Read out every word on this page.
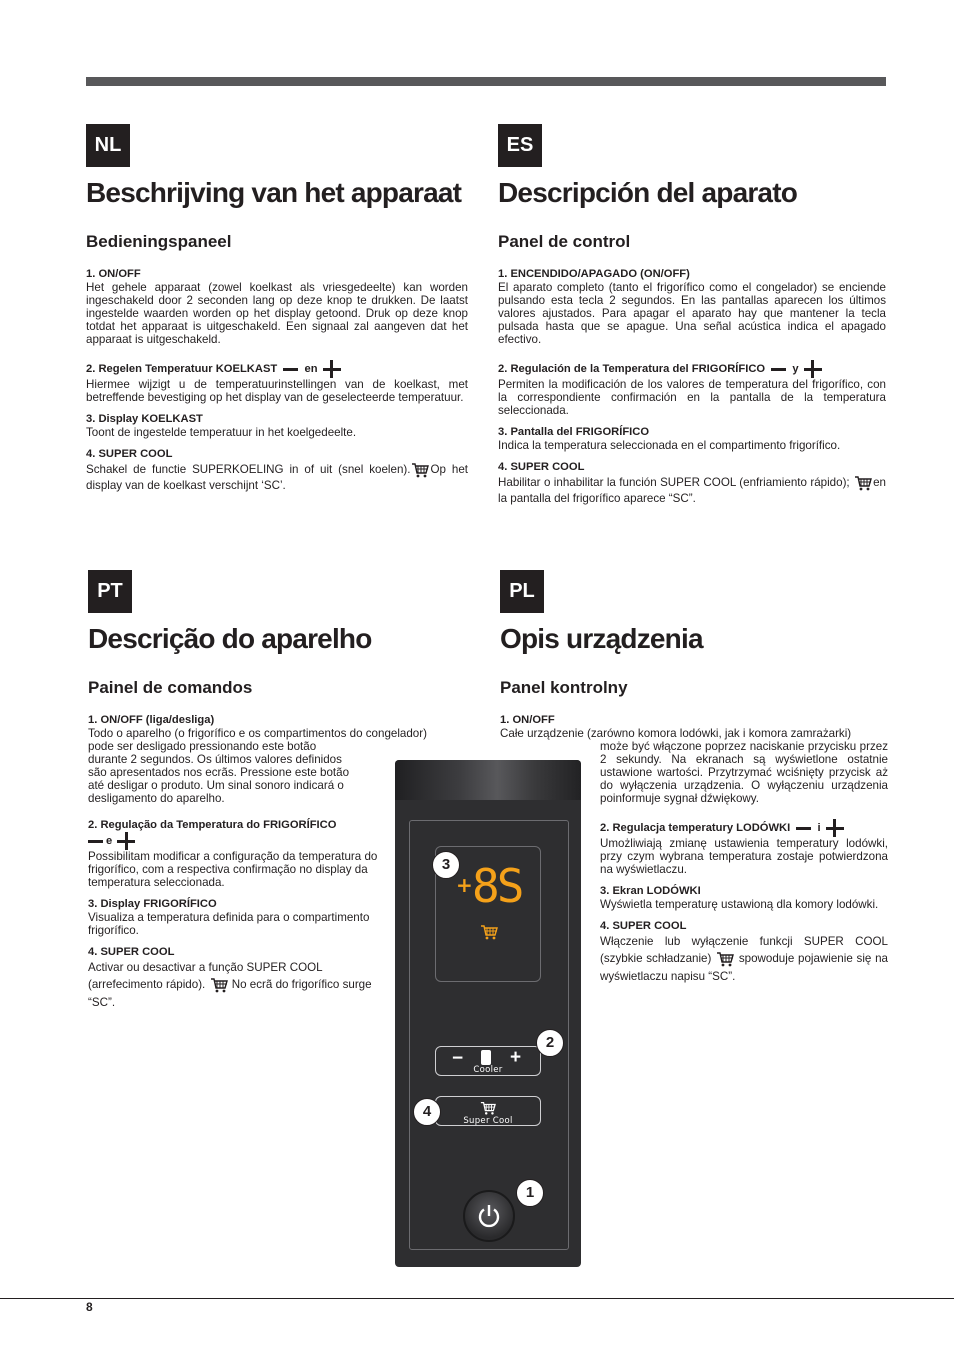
NL
Beschrijving van het apparaat
Bedieningspaneel

1. ON/OFF

Het gehele apparaat (zowel koelkast als vriesgedeelte) kan worden ingeschakeld door 2 seconden lang op deze knop te drukken. De laatst ingestelde waarden worden op het display getoond. Druk op deze knop totdat het apparaat is uitgeschakeld. Een signaal zal aangeven dat het apparaat is uitgeschakeld.

2. Regelen Temperatuur KOELKAST en

Hiermee wijzigt u de temperatuurinstellingen van de koelkast, met betreffende bevestiging op het display van de geselecteerde temperatuur.

3. Display KOELKAST

Toont de ingestelde temperatuur in het koelgedeelte.

4. SUPER COOL

Schakel de functie SUPERKOELING in of uit (snel koelen). Op het display van de koelkast verschijnt ‘SC’.

ES
Descripción del aparato
Panel de control

1. ENCENDIDO/APAGADO (ON/OFF)

El aparato completo (tanto el frigorífico como el congelador) se enciende pulsando esta tecla 2 segundos. En las pantallas aparecen los últimos valores ajustados. Para apagar el aparato hay que mantener la tecla pulsada hasta que se apague. Una señal acústica indica el apagado efectivo.

2. Regulación de la Temperatura del FRIGORÍFICO y

Permiten la modificación de los valores de temperatura del frigorífico, con la correspondiente confirmación en la pantalla de la temperatura seleccionada.

3. Pantalla del FRIGORÍFICO

Indica la temperatura seleccionada en el compartimento frigorífico.

4. SUPER COOL

Habilitar o inhabilitar la función SUPER COOL (enfriamiento rápido); en la pantalla del frigorífico aparece “SC”.

PT
Descrição do aparelho
Painel de comandos

1. ON/OFF (liga/desliga)

Todo o aparelho (o frigorífico e os compartimentos do congelador)

pode ser desligado pressionando este botão

durante 2 segundos. Os últimos valores definidos

são apresentados nos ecrãs. Pressione este botão

até desligar o produto. Um sinal sonoro indicará o

desligamento do aparelho.

2. Regulação da Temperatura do FRIGORÍFICO

e

Possibilitam modificar a configuração da temperatura do frigorífico, com a respectiva confirmação no display da temperatura seleccionada.

3. Display FRIGORÍFICO

Visualiza a temperatura definida para o compartimento frigorífico.

4. SUPER COOL

Activar ou desactivar a função SUPER COOL (arrefecimento rápido). No ecrã do frigorífico surge “SC”.

PL
Opis urządzenia
Panel kontrolny

1. ON/OFF

Całe urządzenie (zarówno komora lodówki, jak i komora zamrażarki)

może być włączone poprzez naciskanie przycisku przez 2 sekundy. Na ekranach są wyświetlone ostatnie ustawione wartości. Przytrzymać wciśnięty przycisk aż do wyłączenia urządzenia. O wyłączeniu urządzenia poinformuje sygnał dźwiękowy.

2. Regulacja temperatury LODÓWKI i

Umożliwiają zmianę ustawienia temperatury lodówki, przy czym wybrana temperatura zostaje potwierdzona na wyświetlaczu.

3. Ekran LODÓWKI

Wyświetla temperaturę ustawioną dla komory lodówki.

4. SUPER COOL

Włączenie lub wyłączenie funkcji SUPER COOL (szybkie schładzanie) spowoduje pojawienie się na wyświetlaczu napisu “SC”.

+ 8S
− +
Cooler
Super Cool
3
2
4
1
8
